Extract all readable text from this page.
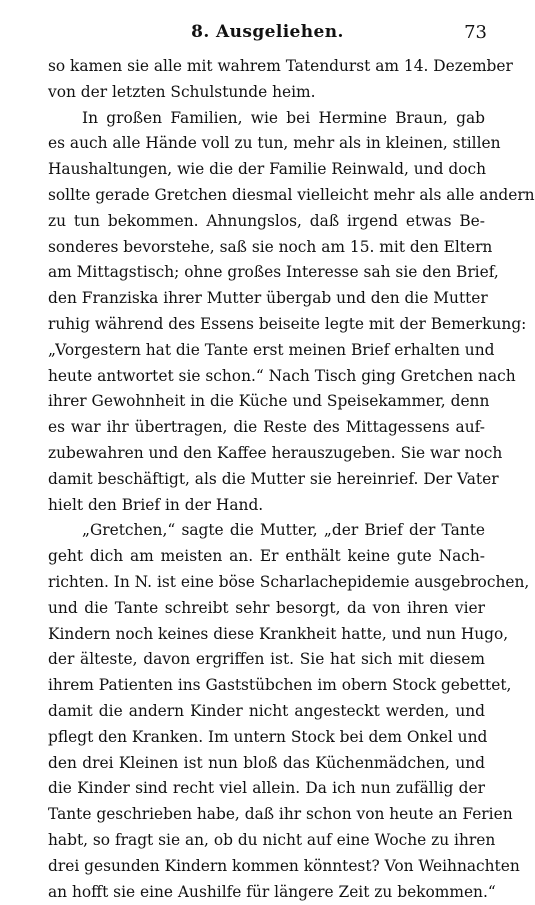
8. Ausgeliehen.	73
so kamen sie alle mit wahrem Tatendurst am 14. Dezember
von der letzten Schulstunde heim.
In großen Familien, wie bei Hermine Braun, gab
es auch alle Hände voll zu tun, mehr als in kleinen, stillen
Haushaltungen, wie die der Familie Reinwald, und doch
sollte gerade Gretchen diesmal vielleicht mehr als alle andern
zu tun bekommen. Ahnungslos, daß irgend etwas Be-
sonderes bevorstehe, saß sie noch am 15. mit den Eltern
am Mittagstisch; ohne großes Interesse sah sie den Brief,
den Franziska ihrer Mutter übergab und den die Mutter
ruhig während des Essens beiseite legte mit der Bemerkung:
„Vorgestern hat die Tante erst meinen Brief erhalten und
heute antwortet sie schon.“ Nach Tisch ging Gretchen nach
ihrer Gewohnheit in die Küche und Speisekammer, denn
es war ihr übertragen, die Reste des Mittagessens auf-
zubewahren und den Kaffee herauszugeben. Sie war noch
damit beschäftigt, als die Mutter sie hereinrief. Der Vater
hielt den Brief in der Hand.
„Gretchen,“ sagte die Mutter, „der Brief der Tante
geht dich am meisten an. Er enthält keine gute Nach-
richten. In N. ist eine böse Scharlachepidemie ausgebrochen,
und die Tante schreibt sehr besorgt, da von ihren vier
Kindern noch keines diese Krankheit hatte, und nun Hugo,
der älteste, davon ergriffen ist. Sie hat sich mit diesem
ihrem Patienten ins Gaststübchen im obern Stock gebettet,
damit die andern Kinder nicht angesteckt werden, und
pflegt den Kranken. Im untern Stock bei dem Onkel und
den drei Kleinen ist nun bloß das Küchenmädchen, und
die Kinder sind recht viel allein. Da ich nun zufällig der
Tante geschrieben habe, daß ihr schon von heute an Ferien
habt, so fragt sie an, ob du nicht auf eine Woche zu ihren
drei gesunden Kindern kommen könntest? Von Weihnachten
an hofft sie eine Aushilfe für längere Zeit zu bekommen.“
